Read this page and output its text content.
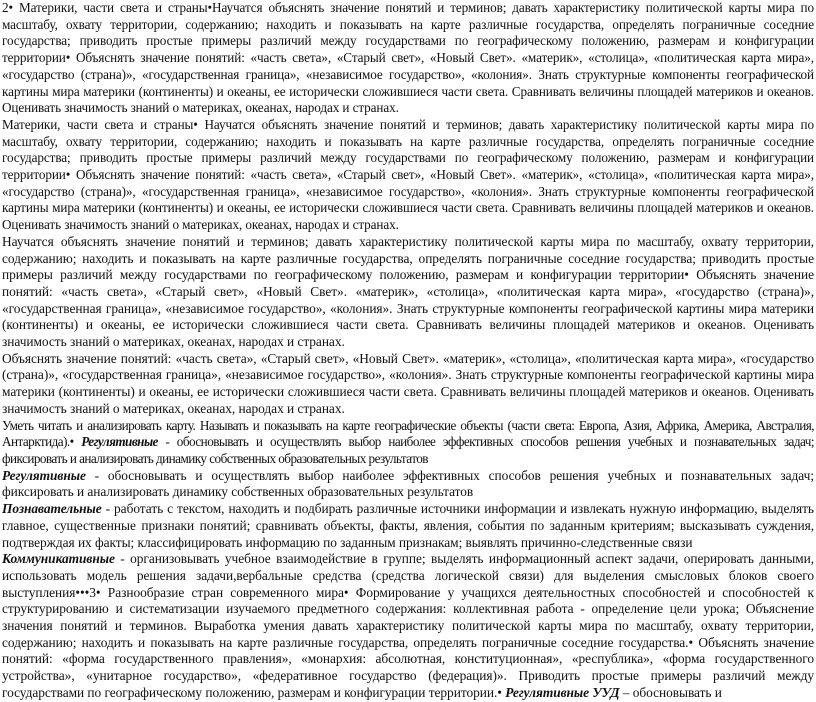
2• Материки, части света и страны•Научатся объяснять значение понятий и терминов; давать характеристику политической карты мира по масштабу, охвату территории, содержанию; находить и показывать на карте различные государства, определять пограничные соседние государства; приводить простые примеры различий между государствами по географическому положению, размерам и конфигурации территории• Объяснять значение понятий: «часть света», «Старый свет», «Новый Свет». «материк», «столица», «политическая карта мира», «государство (страна)», «государственная граница», «независимое государство», «колония». Знать структурные компоненты географической картины мира материки (континенты) и океаны, ее исторически сложившиеся части света. Сравнивать величины площадей материков и океанов. Оценивать значимость знаний о материках, океанах, народах и странах.

Материки, части света и страны• Научатся объяснять значение понятий и терминов; давать характеристику политической карты мира по масштабу, охвату территории, содержанию; находить и показывать на карте различные государства, определять пограничные соседние государства; приводить простые примеры различий между государствами по географическому положению, размерам и конфигурации территории• Объяснять значение понятий: «часть света», «Старый свет», «Новый Свет». «материк», «столица», «политическая карта мира», «государство (страна)», «государственная граница», «независимое государство», «колония». Знать структурные компоненты географической картины мира материки (континенты) и океаны, ее исторически сложившиеся части света. Сравнивать величины площадей материков и океанов. Оценивать значимость знаний о материках, океанах, народах и странах.

Научатся объяснять значение понятий и терминов; давать характеристику политической карты мира по масштабу, охвату территории, содержанию; находить и показывать на карте различные государства, определять пограничные соседние государства; приводить простые примеры различий между государствами по географическому положению, размерам и конфигурации территории• Объяснять значение понятий: «часть света», «Старый свет», «Новый Свет». «материк», «столица», «политическая карта мира», «государство (страна)», «государственная граница», «независимое государство», «колония». Знать структурные компоненты географической картины мира материки (континенты) и океаны, ее исторически сложившиеся части света. Сравнивать величины площадей материков и океанов. Оценивать значимость знаний о материках, океанах, народах и странах.

Объяснять значение понятий: «часть света», «Старый свет», «Новый Свет». «материк», «столица», «политическая карта мира», «государство (страна)», «государственная граница», «независимое государство», «колония». Знать структурные компоненты географической картины мира материки (континенты) и океаны, ее исторически сложившиеся части света. Сравнивать величины площадей материков и океанов. Оценивать значимость знаний о материках, океанах, народах и странах.

Уметь читать и анализировать карту. Называть и показывать на карте географические объекты (части света: Европа, Азия, Африка, Америка, Австралия, Антарктида).• Регулятивные - обосновывать и осуществлять выбор наиболее эффективных способов решения учебных и познавательных задач; фиксировать и анализировать динамику собственных образовательных результатов

Регулятивные - обосновывать и осуществлять выбор наиболее эффективных способов решения учебных и познавательных задач; фиксировать и анализировать динамику собственных образовательных результатов

Познавательные - работать с текстом, находить и подбирать различные источники информации и извлекать нужную информацию, выделять главное, существенные признаки понятий; сравнивать объекты, факты, явления, события по заданным критериям; высказывать суждения, подтверждая их факты; классифицировать информацию по заданным признакам; выявлять причинно-следственные связи

Коммуникативные - организовывать учебное взаимодействие в группе; выделять информационный аспект задачи, оперировать данными, использовать модель решения задачи,вербальные средства (средства логической связи) для выделения смысловых блоков своего выступления•••3• Разнообразие стран современного мира• Формирование у учащихся деятельностных способностей и способностей к структурированию и систематизации изучаемого предметного содержания: коллективная работа - определение цели урока; Объяснение значения понятий и терминов. Выработка умения давать характеристику политической карты мира по масштабу, охвату территории, содержанию; находить и показывать на карте различные государства, определять пограничные соседние государства.• Объяснять значение понятий: «форма государственного правления», «монархия: абсолютная, конституционная», «республика», «форма государственного устройства», «унитарное государство», «федеративное государство (федерация)». Приводить простые примеры различий между государствами по географическому положению, размерам и конфигурации территории.• Регулятивные УУД – обосновывать и
